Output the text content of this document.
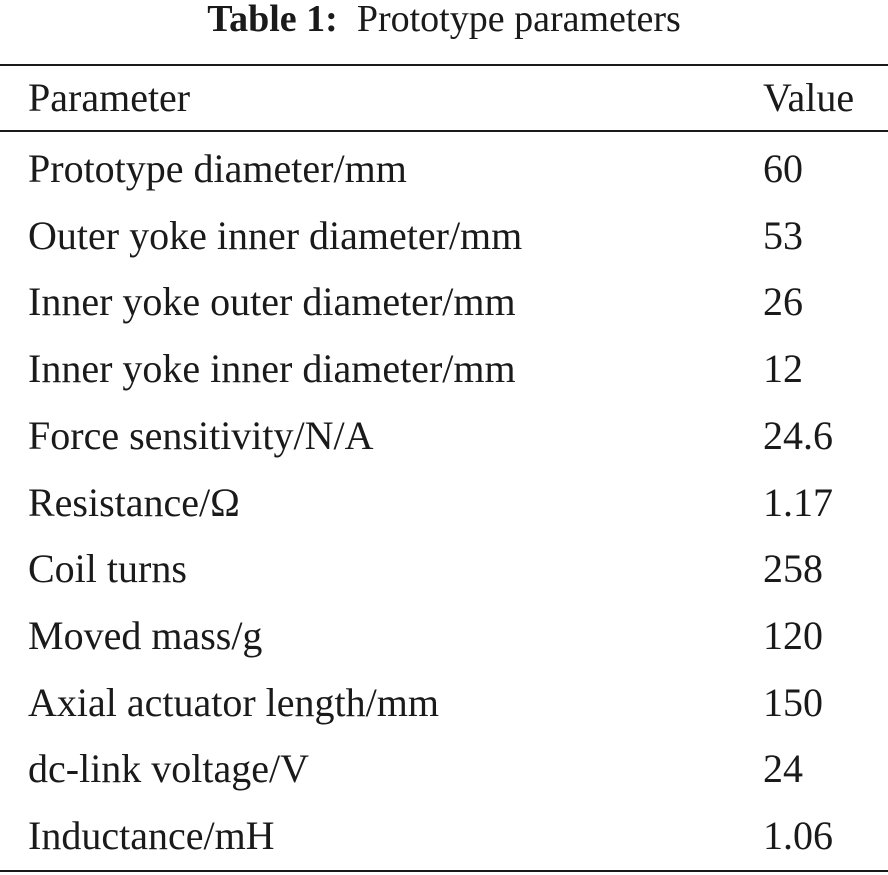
Table 1: Prototype parameters
Parameter	Value
Prototype diameter/mm	60
Outer yoke inner diameter/mm	53
Inner yoke outer diameter/mm	26
Inner yoke inner diameter/mm	12
Force sensitivity/N/A	24.6
Resistance/Ω	1.17
Coil turns	258
Moved mass/g	120
Axial actuator length/mm	150
dc-link voltage/V	24
Inductance/mH	1.06
